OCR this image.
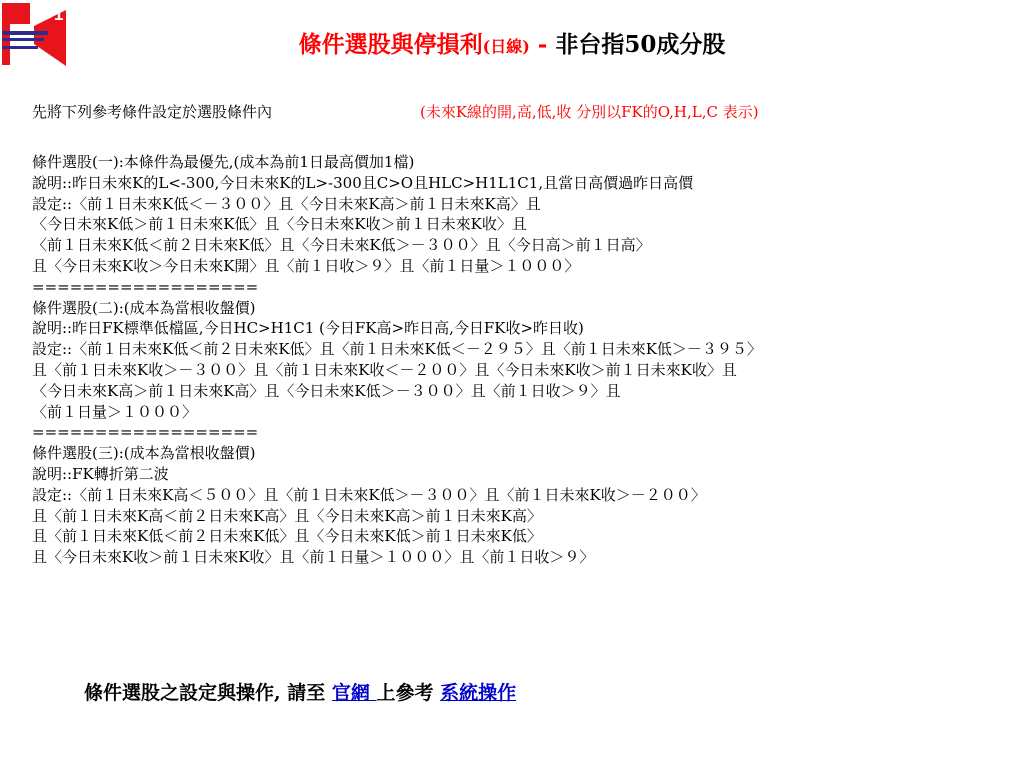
+1
條件選股與停損利(日線) - 非台指50成分股
先將下列參考條件設定於選股條件內	(未來K線的開,高,低,收 分別以FK的O,H,L,C 表示)
條件選股(一):本條件為最優先,(成本為前1日最高價加1檔)
說明::昨日未來K的L<-300,今日未來K的L>-300且C>O且HLC>H1L1C1,且當日高價過昨日高價
設定::〈前１日未來K低＜－３００〉且〈今日未來K高＞前１日未來K高〉且
〈今日未來K低＞前１日未來K低〉且〈今日未來K收＞前１日未來K收〉且
〈前１日未來K低＜前２日未來K低〉且〈今日未來K低＞－３００〉且〈今日高＞前１日高〉
且〈今日未來K收＞今日未來K開〉且〈前１日收＞９〉且〈前１日量＞１０００〉
==================
條件選股(二):(成本為當根收盤價)
說明::昨日FK標準低檔區,今日HC>H1C1 (今日FK高>昨日高,今日FK收>昨日收)
設定::〈前１日未來K低＜前２日未來K低〉且〈前１日未來K低＜－２９５〉且〈前１日未來K低＞－３９５〉
且〈前１日未來K收＞－３００〉且〈前１日未來K收＜－２００〉且〈今日未來K收＞前１日未來K收〉且
〈今日未來K高＞前１日未來K高〉且〈今日未來K低＞－３００〉且〈前１日收＞９〉且
〈前１日量＞１０００〉
==================
條件選股(三):(成本為當根收盤價)
說明::FK轉折第二波
設定::〈前１日未來K高＜５００〉且〈前１日未來K低＞－３００〉且〈前１日未來K收＞－２００〉
且〈前１日未來K高＜前２日未來K高〉且〈今日未來K高＞前１日未來K高〉
且〈前１日未來K低＜前２日未來K低〉且〈今日未來K低＞前１日未來K低〉
且〈今日未來K收＞前１日未來K收〉且〈前１日量＞１０００〉且〈前１日收＞９〉
條件選股之設定與操作, 請至 官網 上參考 系統操作
